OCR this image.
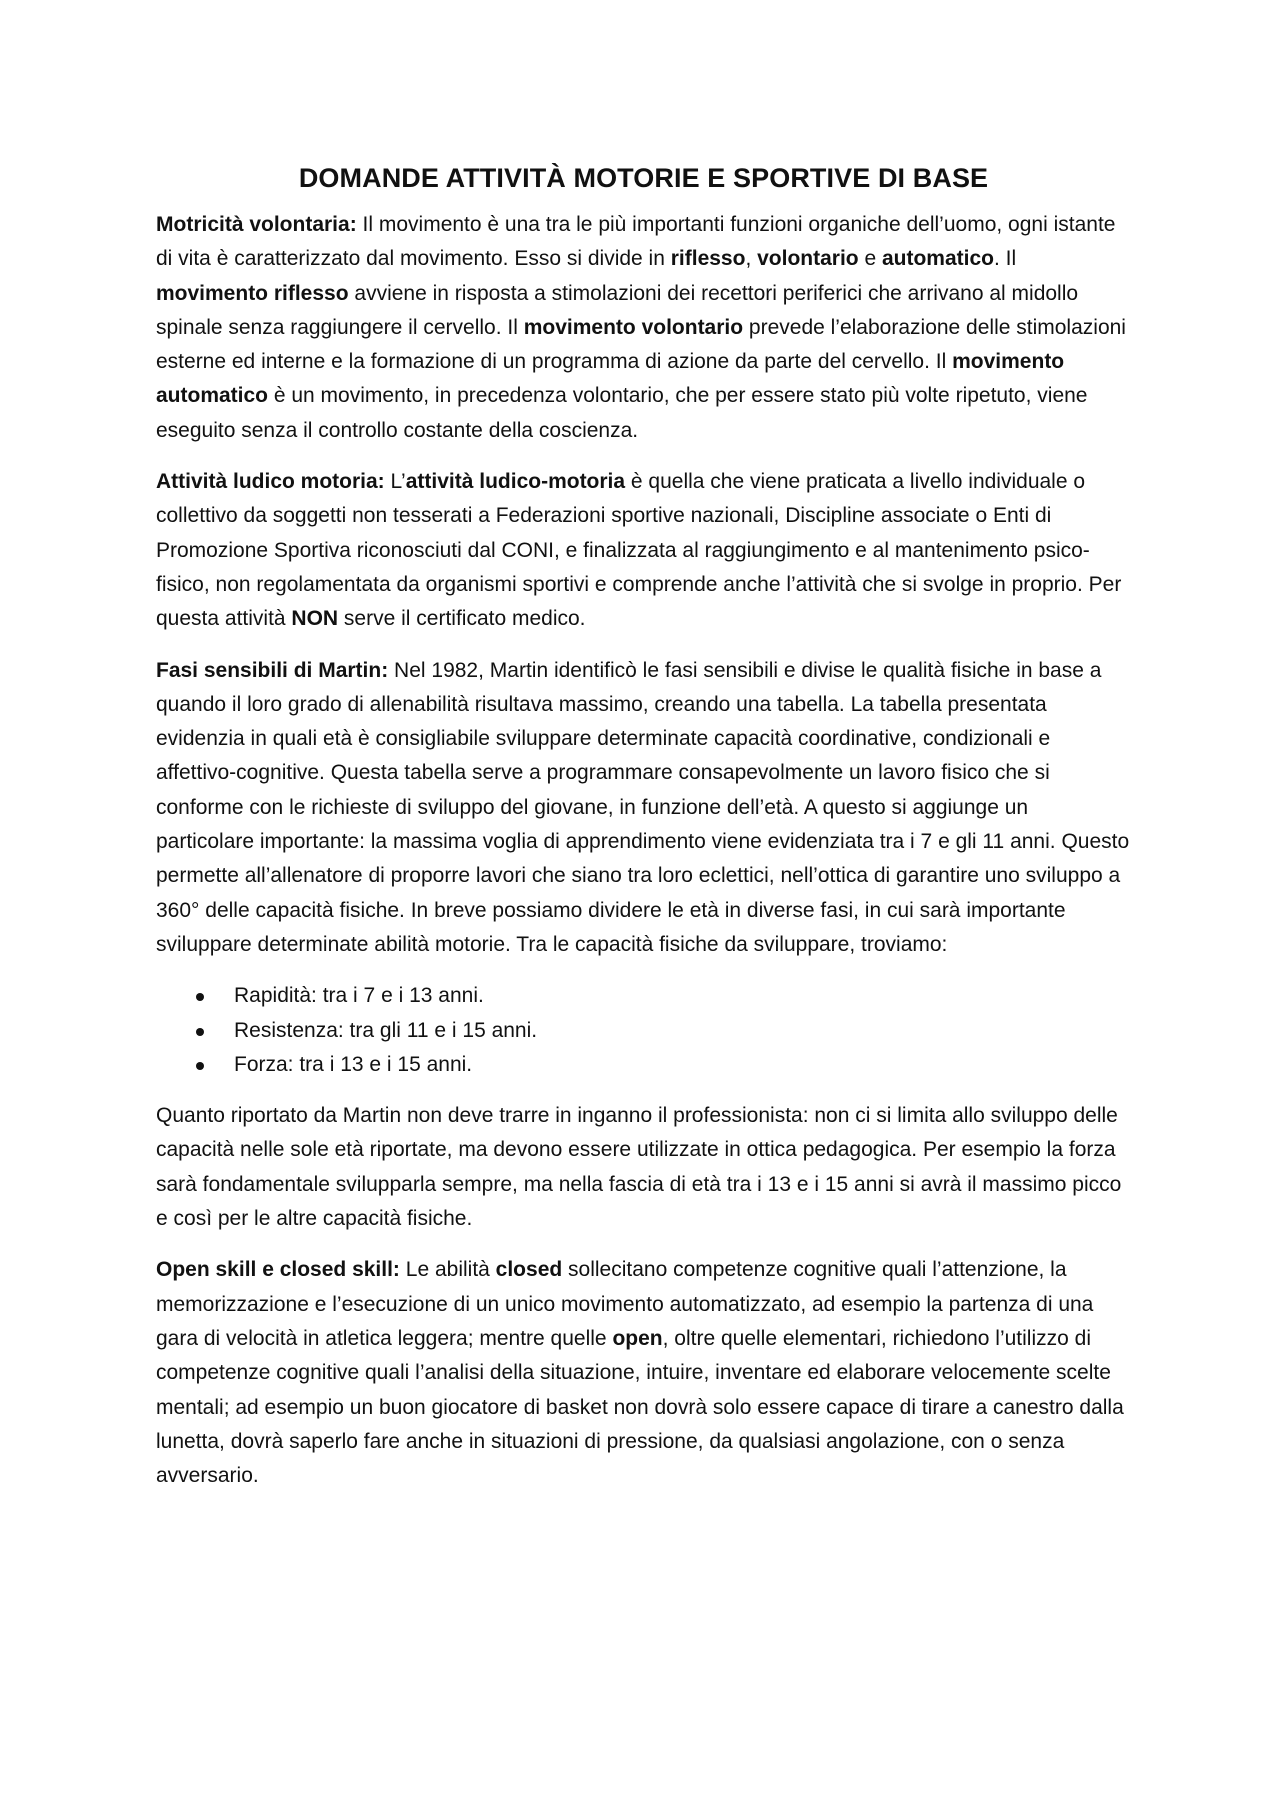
DOMANDE ATTIVITÀ MOTORIE E SPORTIVE DI BASE

Motricità volontaria: Il movimento è una tra le più importanti funzioni organiche dell’uomo, ogni istante di vita è caratterizzato dal movimento. Esso si divide in riflesso, volontario e automatico. Il movimento riflesso avviene in risposta a stimolazioni dei recettori periferici che arrivano al midollo spinale senza raggiungere il cervello. Il movimento volontario prevede l’elaborazione delle stimolazioni esterne ed interne e la formazione di un programma di azione da parte del cervello. Il movimento automatico è un movimento, in precedenza volontario, che per essere stato più volte ripetuto, viene eseguito senza il controllo costante della coscienza.

Attività ludico motoria: L’attività ludico-motoria è quella che viene praticata a livello individuale o collettivo da soggetti non tesserati a Federazioni sportive nazionali, Discipline associate o Enti di Promozione Sportiva riconosciuti dal CONI, e finalizzata al raggiungimento e al mantenimento psico-fisico, non regolamentata da organismi sportivi e comprende anche l’attività che si svolge in proprio. Per questa attività NON serve il certificato medico.

Fasi sensibili di Martin: Nel 1982, Martin identificò le fasi sensibili e divise le qualità fisiche in base a quando il loro grado di allenabilità risultava massimo, creando una tabella. La tabella presentata evidenzia in quali età è consigliabile sviluppare determinate capacità coordinative, condizionali e affettivo-cognitive. Questa tabella serve a programmare consapevolmente un lavoro fisico che si conforme con le richieste di sviluppo del giovane, in funzione dell’età. A questo si aggiunge un particolare importante: la massima voglia di apprendimento viene evidenziata tra i 7 e gli 11 anni. Questo permette all’allenatore di proporre lavori che siano tra loro eclettici, nell’ottica di garantire uno sviluppo a 360° delle capacità fisiche. In breve possiamo dividere le età in diverse fasi, in cui sarà importante sviluppare determinate abilità motorie. Tra le capacità fisiche da sviluppare, troviamo:

Rapidità: tra i 7 e i 13 anni.
Resistenza: tra gli 11 e i 15 anni.
Forza: tra i 13 e i 15 anni.

Quanto riportato da Martin non deve trarre in inganno il professionista: non ci si limita allo sviluppo delle capacità nelle sole età riportate, ma devono essere utilizzate in ottica pedagogica. Per esempio la forza sarà fondamentale svilupparla sempre, ma nella fascia di età tra i 13 e i 15 anni si avrà il massimo picco e così per le altre capacità fisiche.

Open skill e closed skill: Le abilità closed sollecitano competenze cognitive quali l’attenzione, la memorizzazione e l’esecuzione di un unico movimento automatizzato, ad esempio la partenza di una gara di velocità in atletica leggera; mentre quelle open, oltre quelle elementari, richiedono l’utilizzo di competenze cognitive quali l’analisi della situazione, intuire, inventare ed elaborare velocemente scelte mentali; ad esempio un buon giocatore di basket non dovrà solo essere capace di tirare a canestro dalla lunetta, dovrà saperlo fare anche in situazioni di pressione, da qualsiasi angolazione, con o senza avversario.
